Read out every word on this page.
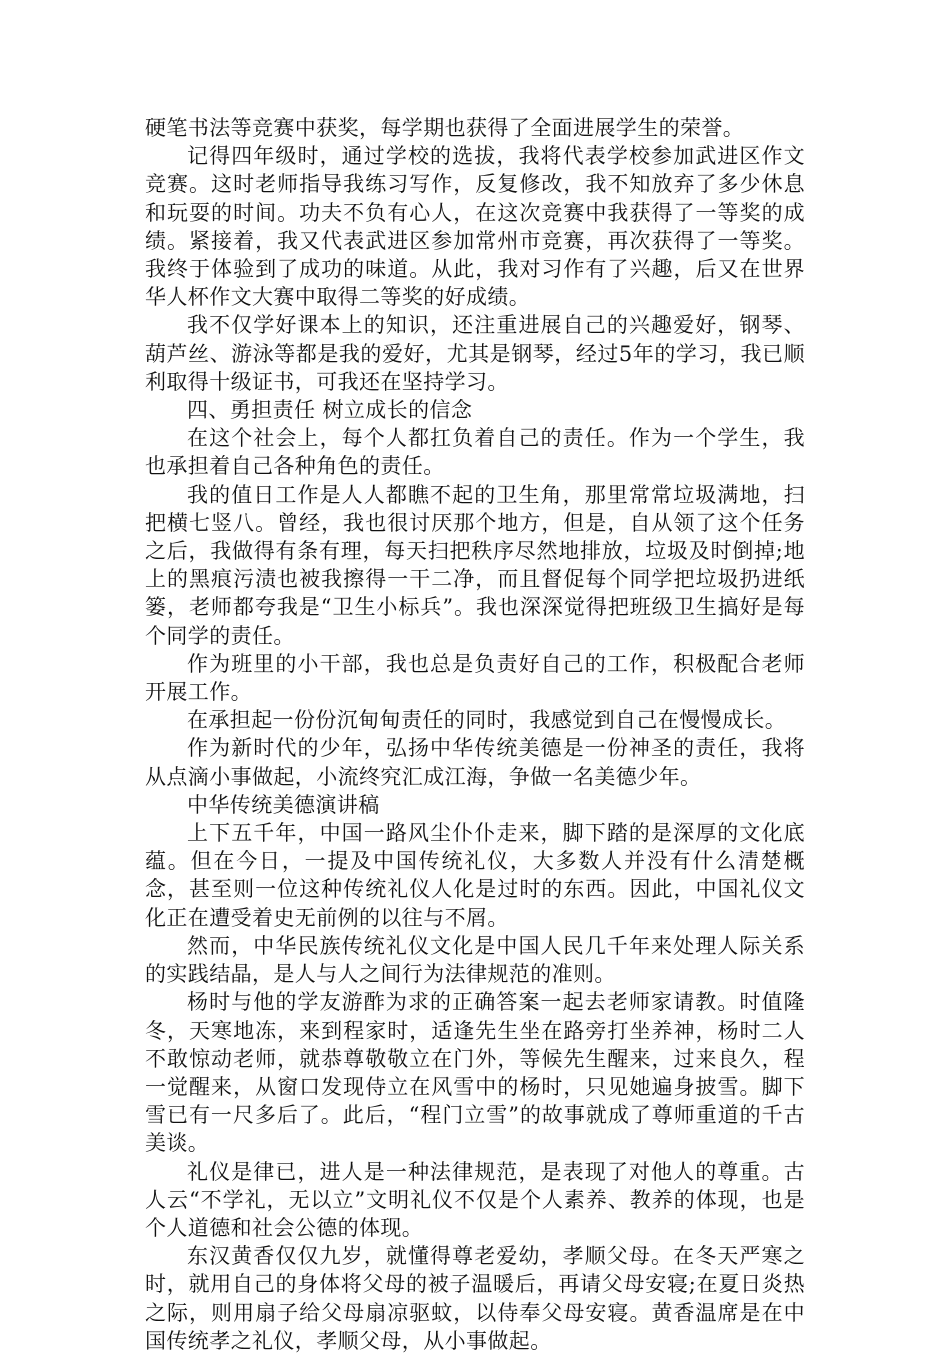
硬笔书法等竞赛中获奖，每学期也获得了全面进展学生的荣誉。

记得四年级时，通过学校的选拔，我将代表学校参加武进区作文竞赛。这时老师指导我练习写作，反复修改，我不知放弃了多少休息和玩耍的时间。功夫不负有心人，在这次竞赛中我获得了一等奖的成绩。紧接着，我又代表武进区参加常州市竞赛，再次获得了一等奖。我终于体验到了成功的味道。从此，我对习作有了兴趣，后又在世界华人杯作文大赛中取得二等奖的好成绩。

我不仅学好课本上的知识，还注重进展自己的兴趣爱好，钢琴、葫芦丝、游泳等都是我的爱好，尤其是钢琴，经过5年的学习，我已顺利取得十级证书，可我还在坚持学习。

四、勇担责任 树立成长的信念

在这个社会上，每个人都扛负着自己的责任。作为一个学生，我也承担着自己各种角色的责任。

我的值日工作是人人都瞧不起的卫生角，那里常常垃圾满地，扫把横七竖八。曾经，我也很讨厌那个地方，但是，自从领了这个任务之后，我做得有条有理，每天扫把秩序尽然地排放，垃圾及时倒掉;地上的黑痕污渍也被我擦得一干二净，而且督促每个同学把垃圾扔进纸篓，老师都夸我是“卫生小标兵”。我也深深觉得把班级卫生搞好是每个同学的责任。

作为班里的小干部，我也总是负责好自己的工作，积极配合老师开展工作。

在承担起一份份沉甸甸责任的同时，我感觉到自己在慢慢成长。

作为新时代的少年，弘扬中华传统美德是一份神圣的责任，我将从点滴小事做起，小流终究汇成江海，争做一名美德少年。

中华传统美德演讲稿

上下五千年，中国一路风尘仆仆走来，脚下踏的是深厚的文化底蕴。但在今日，一提及中国传统礼仪，大多数人并没有什么清楚概念，甚至则一位这种传统礼仪人化是过时的东西。因此，中国礼仪文化正在遭受着史无前例的以往与不屑。

然而，中华民族传统礼仪文化是中国人民几千年来处理人际关系的实践结晶，是人与人之间行为法律规范的准则。

杨时与他的学友游酢为求的正确答案一起去老师家请教。时值隆冬，天寒地冻，来到程家时，适逢先生坐在路旁打坐养神，杨时二人不敢惊动老师，就恭尊敬敬立在门外，等候先生醒来，过来良久，程一觉醒来，从窗口发现侍立在风雪中的杨时，只见她遍身披雪。脚下雪已有一尺多后了。此后，“程门立雪”的故事就成了尊师重道的千古美谈。

礼仪是律已，进人是一种法律规范，是表现了对他人的尊重。古人云“不学礼，无以立”文明礼仪不仅是个人素养、教养的体现，也是个人道德和社会公德的体现。

东汉黄香仅仅九岁，就懂得尊老爱幼，孝顺父母。在冬天严寒之时，就用自己的身体将父母的被子温暖后，再请父母安寝;在夏日炎热之际，则用扇子给父母扇凉驱蚊，以侍奉父母安寝。黄香温席是在中国传统孝之礼仪，孝顺父母，从小事做起。
